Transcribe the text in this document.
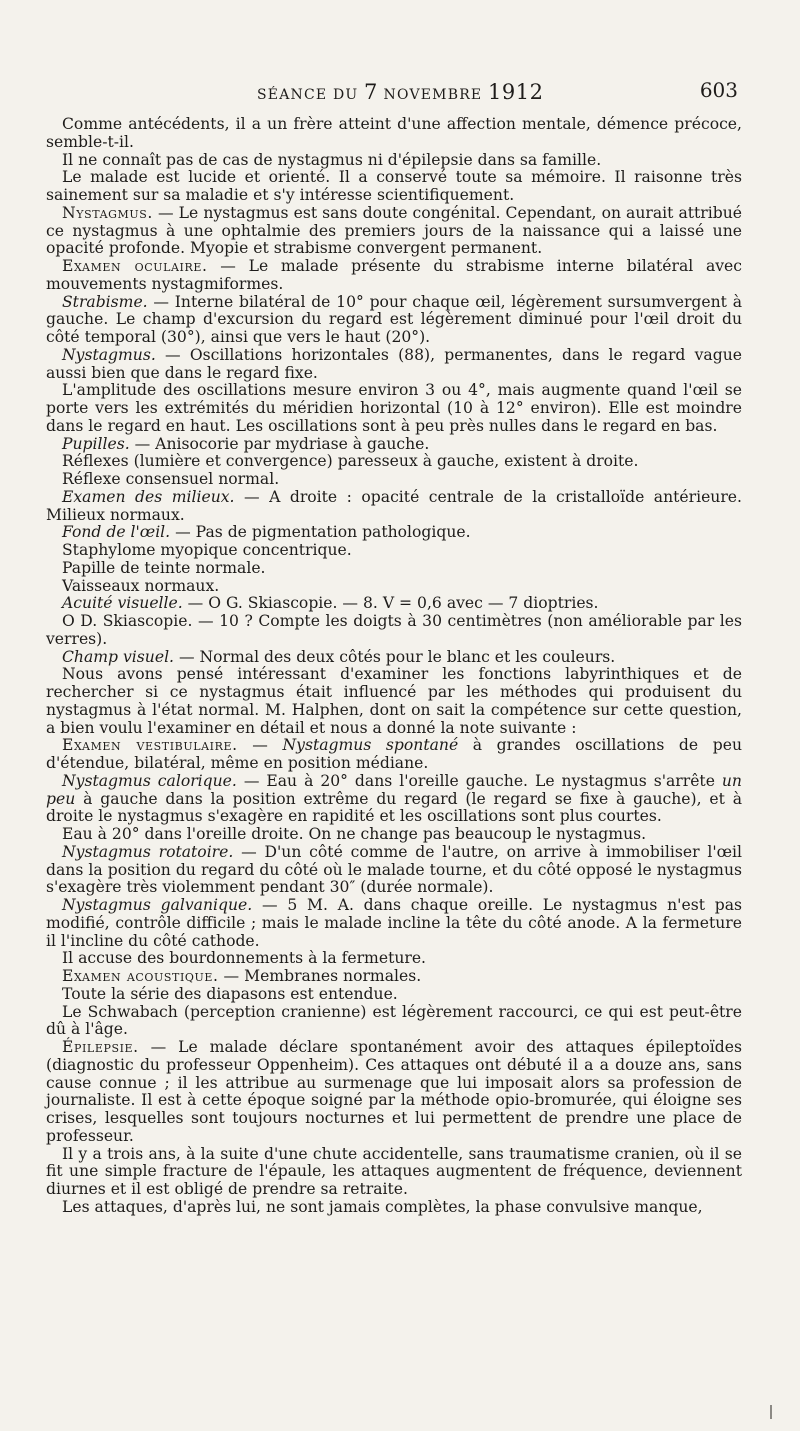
SÉANCE DU 7 NOVEMBRE 1912	603

Comme antécédents, il a un frère atteint d'une affection mentale, démence précoce, semble-t-il.

Il ne connaît pas de cas de nystagmus ni d'épilepsie dans sa famille.

Le malade est lucide et orienté. Il a conservé toute sa mémoire. Il raisonne très sainement sur sa maladie et s'y intéresse scientifiquement.

Nystagmus. — Le nystagmus est sans doute congénital. Cependant, on aurait attribué ce nystagmus à une ophtalmie des premiers jours de la naissance qui a laissé une opacité profonde. Myopie et strabisme convergent permanent.

Examen oculaire. — Le malade présente du strabisme interne bilatéral avec mouvements nystagmiformes.

Strabisme. — Interne bilatéral de 10° pour chaque œil, légèrement sursumvergent à gauche. Le champ d'excursion du regard est légèrement diminué pour l'œil droit du côté temporal (30°), ainsi que vers le haut (20°).

Nystagmus. — Oscillations horizontales (88), permanentes, dans le regard vague aussi bien que dans le regard fixe.

L'amplitude des oscillations mesure environ 3 ou 4°, mais augmente quand l'œil se porte vers les extrémités du méridien horizontal (10 à 12° environ). Elle est moindre dans le regard en haut. Les oscillations sont à peu près nulles dans le regard en bas.

Pupilles. — Anisocorie par mydriase à gauche.

Réflexes (lumière et convergence) paresseux à gauche, existent à droite.

Réflexe consensuel normal.

Examen des milieux. — A droite : opacité centrale de la cristalloïde antérieure. Milieux normaux.

Fond de l'œil. — Pas de pigmentation pathologique.

Staphylome myopique concentrique.

Papille de teinte normale.

Vaisseaux normaux.

Acuité visuelle. — O G. Skiascopie. — 8. V = 0,6 avec — 7 dioptries.

O D. Skiascopie. — 10 ? Compte les doigts à 30 centimètres (non améliorable par les verres).

Champ visuel. — Normal des deux côtés pour le blanc et les couleurs.

Nous avons pensé intéressant d'examiner les fonctions labyrinthiques et de rechercher si ce nystagmus était influencé par les méthodes qui produisent du nystagmus à l'état normal. M. Halphen, dont on sait la compétence sur cette question, a bien voulu l'examiner en détail et nous a donné la note suivante :

Examen vestibulaire. — Nystagmus spontané à grandes oscillations de peu d'étendue, bilatéral, même en position médiane.

Nystagmus calorique. — Eau à 20° dans l'oreille gauche. Le nystagmus s'arrête un peu à gauche dans la position extrême du regard (le regard se fixe à gauche), et à droite le nystagmus s'exagère en rapidité et les oscillations sont plus courtes.

Eau à 20° dans l'oreille droite. On ne change pas beaucoup le nystagmus.

Nystagmus rotatoire. — D'un côté comme de l'autre, on arrive à immobiliser l'œil dans la position du regard du côté où le malade tourne, et du côté opposé le nystagmus s'exagère très violemment pendant 30″ (durée normale).

Nystagmus galvanique. — 5 M. A. dans chaque oreille. Le nystagmus n'est pas modifié, contrôle difficile ; mais le malade incline la tête du côté anode. A la fermeture il l'incline du côté cathode.

Il accuse des bourdonnements à la fermeture.

Examen acoustique. — Membranes normales.

Toute la série des diapasons est entendue.

Le Schwabach (perception cranienne) est légèrement raccourci, ce qui est peut-être dû à l'âge.

Épilepsie. — Le malade déclare spontanément avoir des attaques épileptoïdes (diagnostic du professeur Oppenheim). Ces attaques ont débuté il a a douze ans, sans cause connue ; il les attribue au surmenage que lui imposait alors sa profession de journaliste. Il est à cette époque soigné par la méthode opio-bromurée, qui éloigne ses crises, lesquelles sont toujours nocturnes et lui permettent de prendre une place de professeur.

Il y a trois ans, à la suite d'une chute accidentelle, sans traumatisme cranien, où il se fit une simple fracture de l'épaule, les attaques augmentent de fréquence, deviennent diurnes et il est obligé de prendre sa retraite.

Les attaques, d'après lui, ne sont jamais complètes, la phase convulsive manque,
